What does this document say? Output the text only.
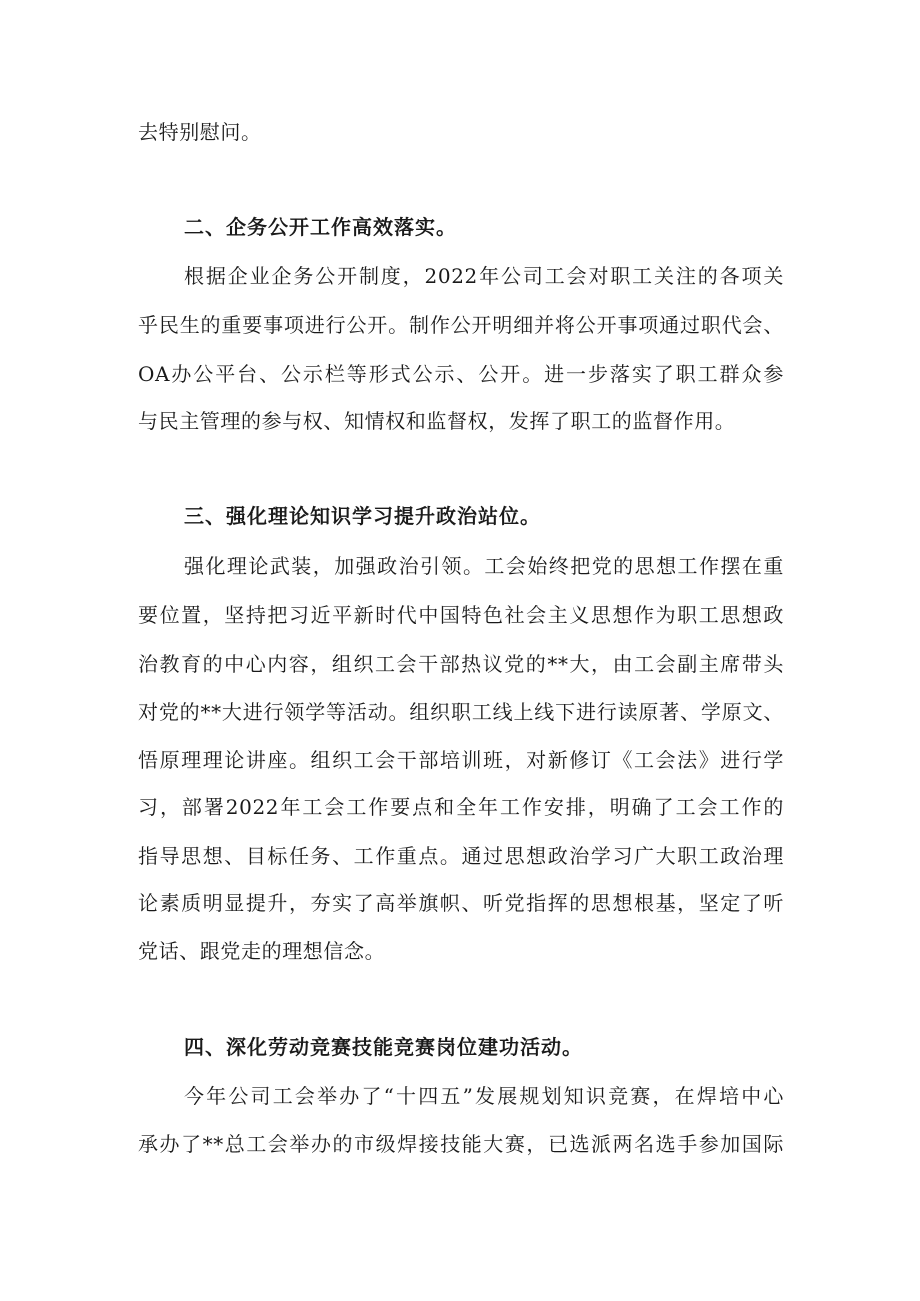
去特别慰问。
二、企务公开工作高效落实。
根据企业企务公开制度，2022年公司工会对职工关注的各项关
乎民生的重要事项进行公开。制作公开明细并将公开事项通过职代会、
OA办公平台、公示栏等形式公示、公开。进一步落实了职工群众参
与民主管理的参与权、知情权和监督权，发挥了职工的监督作用。
三、强化理论知识学习提升政治站位。
强化理论武装，加强政治引领。工会始终把党的思想工作摆在重
要位置，坚持把习近平新时代中国特色社会主义思想作为职工思想政
治教育的中心内容，组织工会干部热议党的**大，由工会副主席带头
对党的**大进行领学等活动。组织职工线上线下进行读原著、学原文、
悟原理理论讲座。组织工会干部培训班，对新修订《工会法》进行学
习，部署2022年工会工作要点和全年工作安排，明确了工会工作的
指导思想、目标任务、工作重点。通过思想政治学习广大职工政治理
论素质明显提升，夯实了高举旗帜、听党指挥的思想根基，坚定了听
党话、跟党走的理想信念。
四、深化劳动竞赛技能竞赛岗位建功活动。
今年公司工会举办了“十四五”发展规划知识竞赛，在焊培中心
承办了**总工会举办的市级焊接技能大赛，已选派两名选手参加国际
